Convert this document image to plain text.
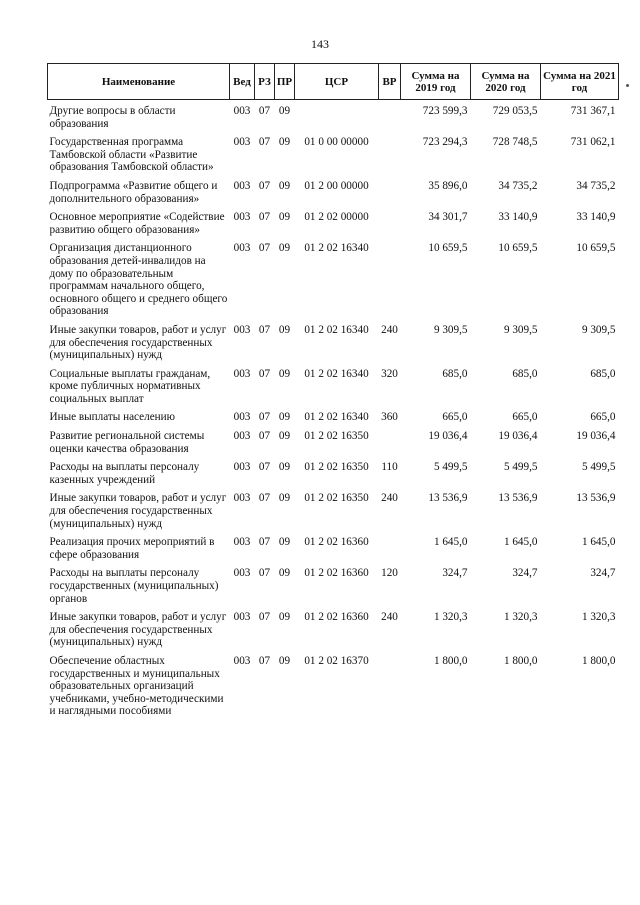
143
Наименование	Вед	РЗ	ПР	ЦСР	ВР	Сумма на 2019 год	Сумма на 2020 год	Сумма на 2021 год
Другие вопросы в области образования	003	07	09			723 599,3	729 053,5	731 367,1
Государственная программа Тамбовской области «Развитие образования Тамбовской области»	003	07	09	01 0 00 00000		723 294,3	728 748,5	731 062,1
Подпрограмма «Развитие общего и дополнительного образования»	003	07	09	01 2 00 00000		35 896,0	34 735,2	34 735,2
Основное мероприятие «Содействие развитию общего образования»	003	07	09	01 2 02 00000		34 301,7	33 140,9	33 140,9
Организация дистанционного образования детей-инвалидов на дому по образовательным программам начального общего, основного общего и среднего общего образования	003	07	09	01 2 02 16340		10 659,5	10 659,5	10 659,5
Иные закупки товаров, работ и услуг для обеспечения государственных (муниципальных) нужд	003	07	09	01 2 02 16340	240	9 309,5	9 309,5	9 309,5
Социальные выплаты гражданам, кроме публичных нормативных социальных выплат	003	07	09	01 2 02 16340	320	685,0	685,0	685,0
Иные выплаты населению	003	07	09	01 2 02 16340	360	665,0	665,0	665,0
Развитие региональной системы оценки качества образования	003	07	09	01 2 02 16350		19 036,4	19 036,4	19 036,4
Расходы на выплаты персоналу казенных учреждений	003	07	09	01 2 02 16350	110	5 499,5	5 499,5	5 499,5
Иные закупки товаров, работ и услуг для обеспечения государственных (муниципальных) нужд	003	07	09	01 2 02 16350	240	13 536,9	13 536,9	13 536,9
Реализация прочих мероприятий в сфере образования	003	07	09	01 2 02 16360		1 645,0	1 645,0	1 645,0
Расходы на выплаты персоналу государственных (муниципальных) органов	003	07	09	01 2 02 16360	120	324,7	324,7	324,7
Иные закупки товаров, работ и услуг для обеспечения государственных (муниципальных) нужд	003	07	09	01 2 02 16360	240	1 320,3	1 320,3	1 320,3
Обеспечение областных государственных и муниципальных образовательных организаций учебниками, учебно-методическими и наглядными пособиями	003	07	09	01 2 02 16370		1 800,0	1 800,0	1 800,0
